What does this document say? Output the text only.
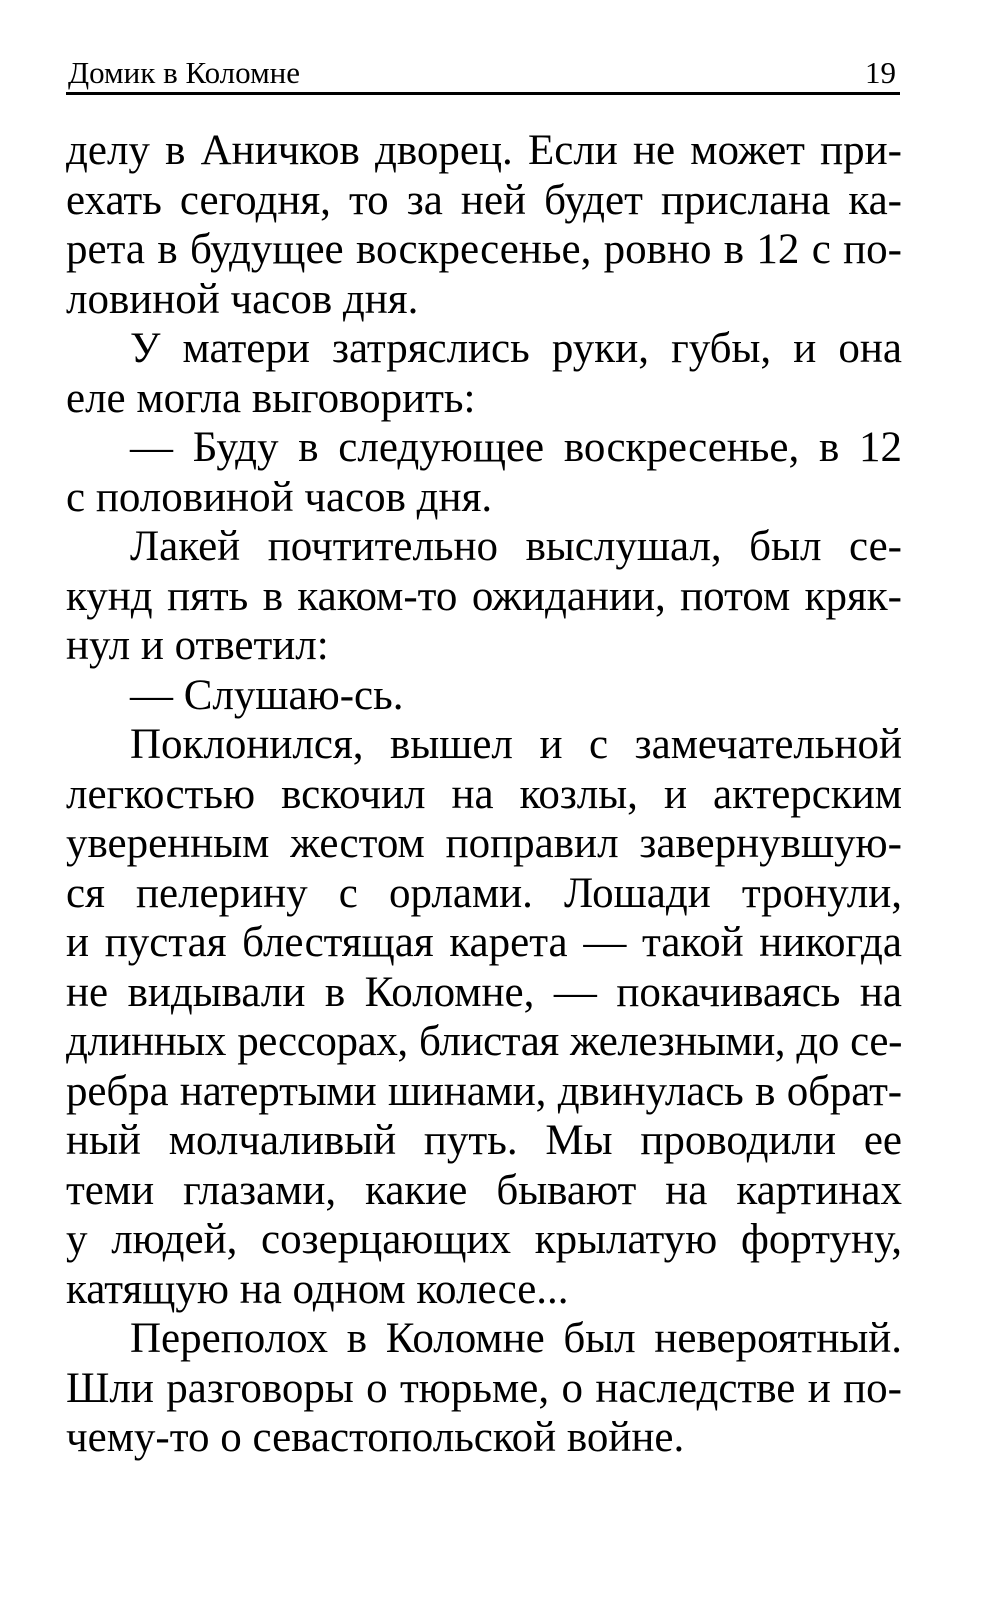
Домик в Коломне	19
делу в Аничков дворец. Если не может при-
ехать сегодня, то за ней будет прислана ка-
рета в будущее воскресенье, ровно в 12 с по-
ловиной часов дня.
У матери затряслись руки, губы, и она
еле могла выговорить:
— Буду в следующее воскресенье, в 12
с половиной часов дня.
Лакей почтительно выслушал, был се-
кунд пять в каком-то ожидании, потом кряк-
нул и ответил:
— Слушаю-сь.
Поклонился, вышел и с замечательной
легкостью вскочил на козлы, и актерским
уверенным жестом поправил завернувшую-
ся пелерину с орлами. Лошади тронули,
и пустая блестящая карета — такой никогда
не видывали в Коломне, — покачиваясь на
длинных рессорах, блистая железными, до се-
ребра натертыми шинами, двинулась в обрат-
ный молчаливый путь. Мы проводили ее
теми глазами, какие бывают на картинах
у людей, созерцающих крылатую фортуну,
катящую на одном колесе...
Переполох в Коломне был невероятный.
Шли разговоры о тюрьме, о наследстве и по-
чему-то о севастопольской войне.
